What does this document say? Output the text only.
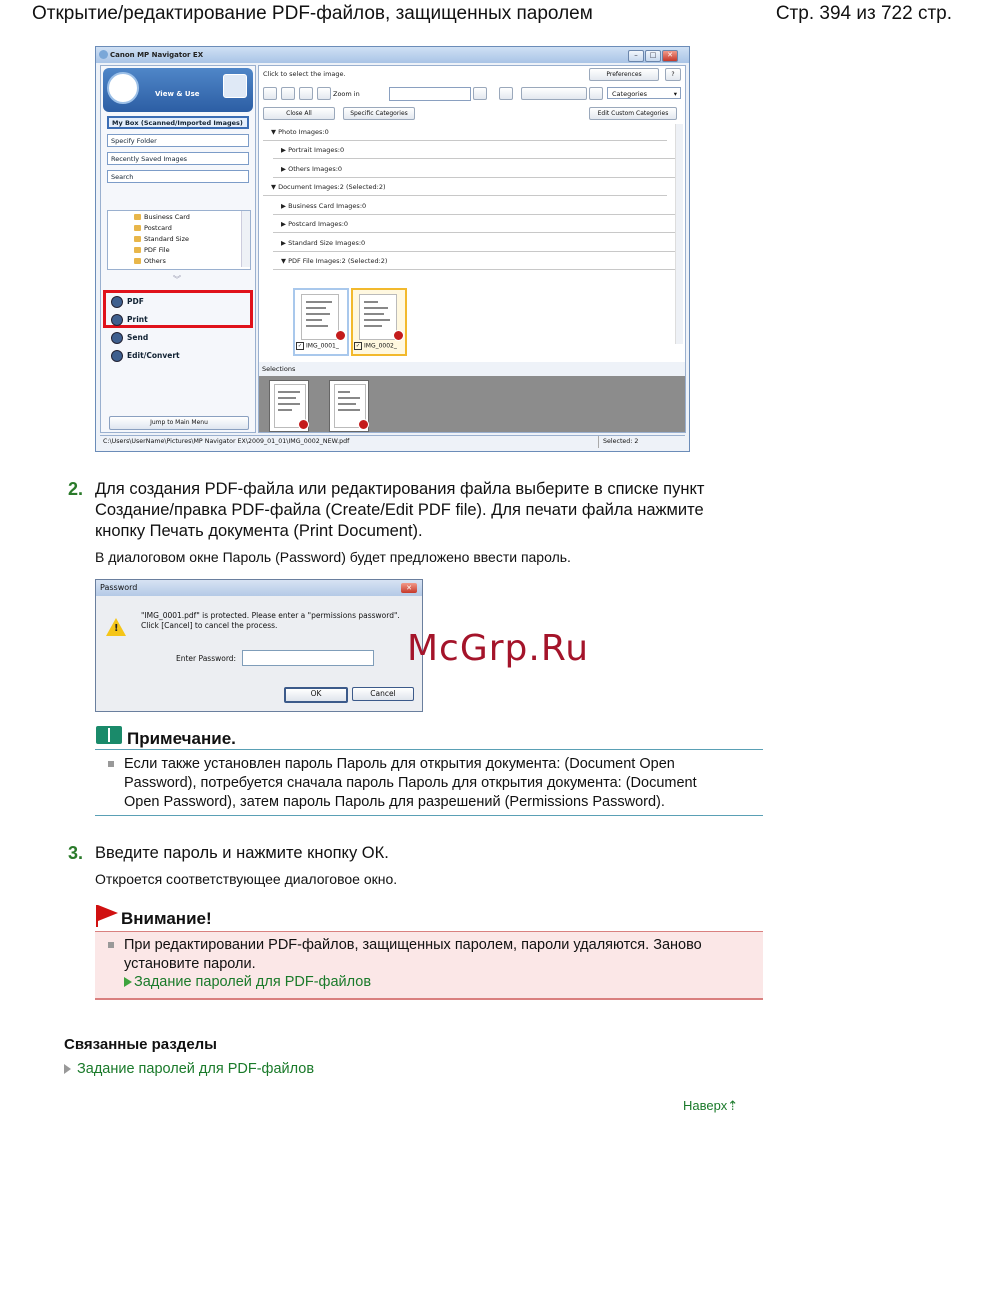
Открытие/редактирование PDF-файлов, защищенных паролем	Стр. 394 из 722 стр.
Canon MP Navigator EX	–	□	✕
View & Use
My Box (Scanned/Imported Images)
Specify Folder
Recently Saved Images
Search
Business Card
Postcard
Standard Size
PDF File
Others
︾
PDF
Print
Send
Edit/Convert
Jump to Main Menu
Click to select the image.	Preferences	?
Zoom in	Categories	▾
Close All	Specific Categories	Edit Custom Categories
▼ Photo Images:0
▶ Portrait Images:0
▶ Others Images:0
▼ Document Images:2 (Selected:2)
▶ Business Card Images:0
▶ Postcard Images:0
▶ Standard Size Images:0
▼ PDF File Images:2 (Selected:2)
✓ IMG_0001_	✓ IMG_0002_
Selections
C:\Users\UserName\Pictures\MP Navigator EX\2009_01_01\IMG_0002_NEW.pdf	Selected: 2
2. Для создания PDF-файла или редактирования файла выберите в списке пункт
Создание/правка PDF-файла (Create/Edit PDF file). Для печати файла нажмите
кнопку Печать документа (Print Document).
В диалоговом окне Пароль (Password) будет предложено ввести пароль.
Password	✕
!
"IMG_0001.pdf" is protected. Please enter a "permissions password".
Click [Cancel] to cancel the process.
Enter Password:
OK	Cancel
McGrp.Ru
Примечание.
Если также установлен пароль Пароль для открытия документа: (Document Open
Password), потребуется сначала пароль Пароль для открытия документа: (Document
Open Password), затем пароль Пароль для разрешений (Permissions Password).
3. Введите пароль и нажмите кнопку ОК.
Откроется соответствующее диалоговое окно.
Внимание!
При редактировании PDF-файлов, защищенных паролем, пароли удаляются. Заново
установите пароли.
Задание паролей для PDF-файлов
Связанные разделы
Задание паролей для PDF-файлов
Наверх⇡
